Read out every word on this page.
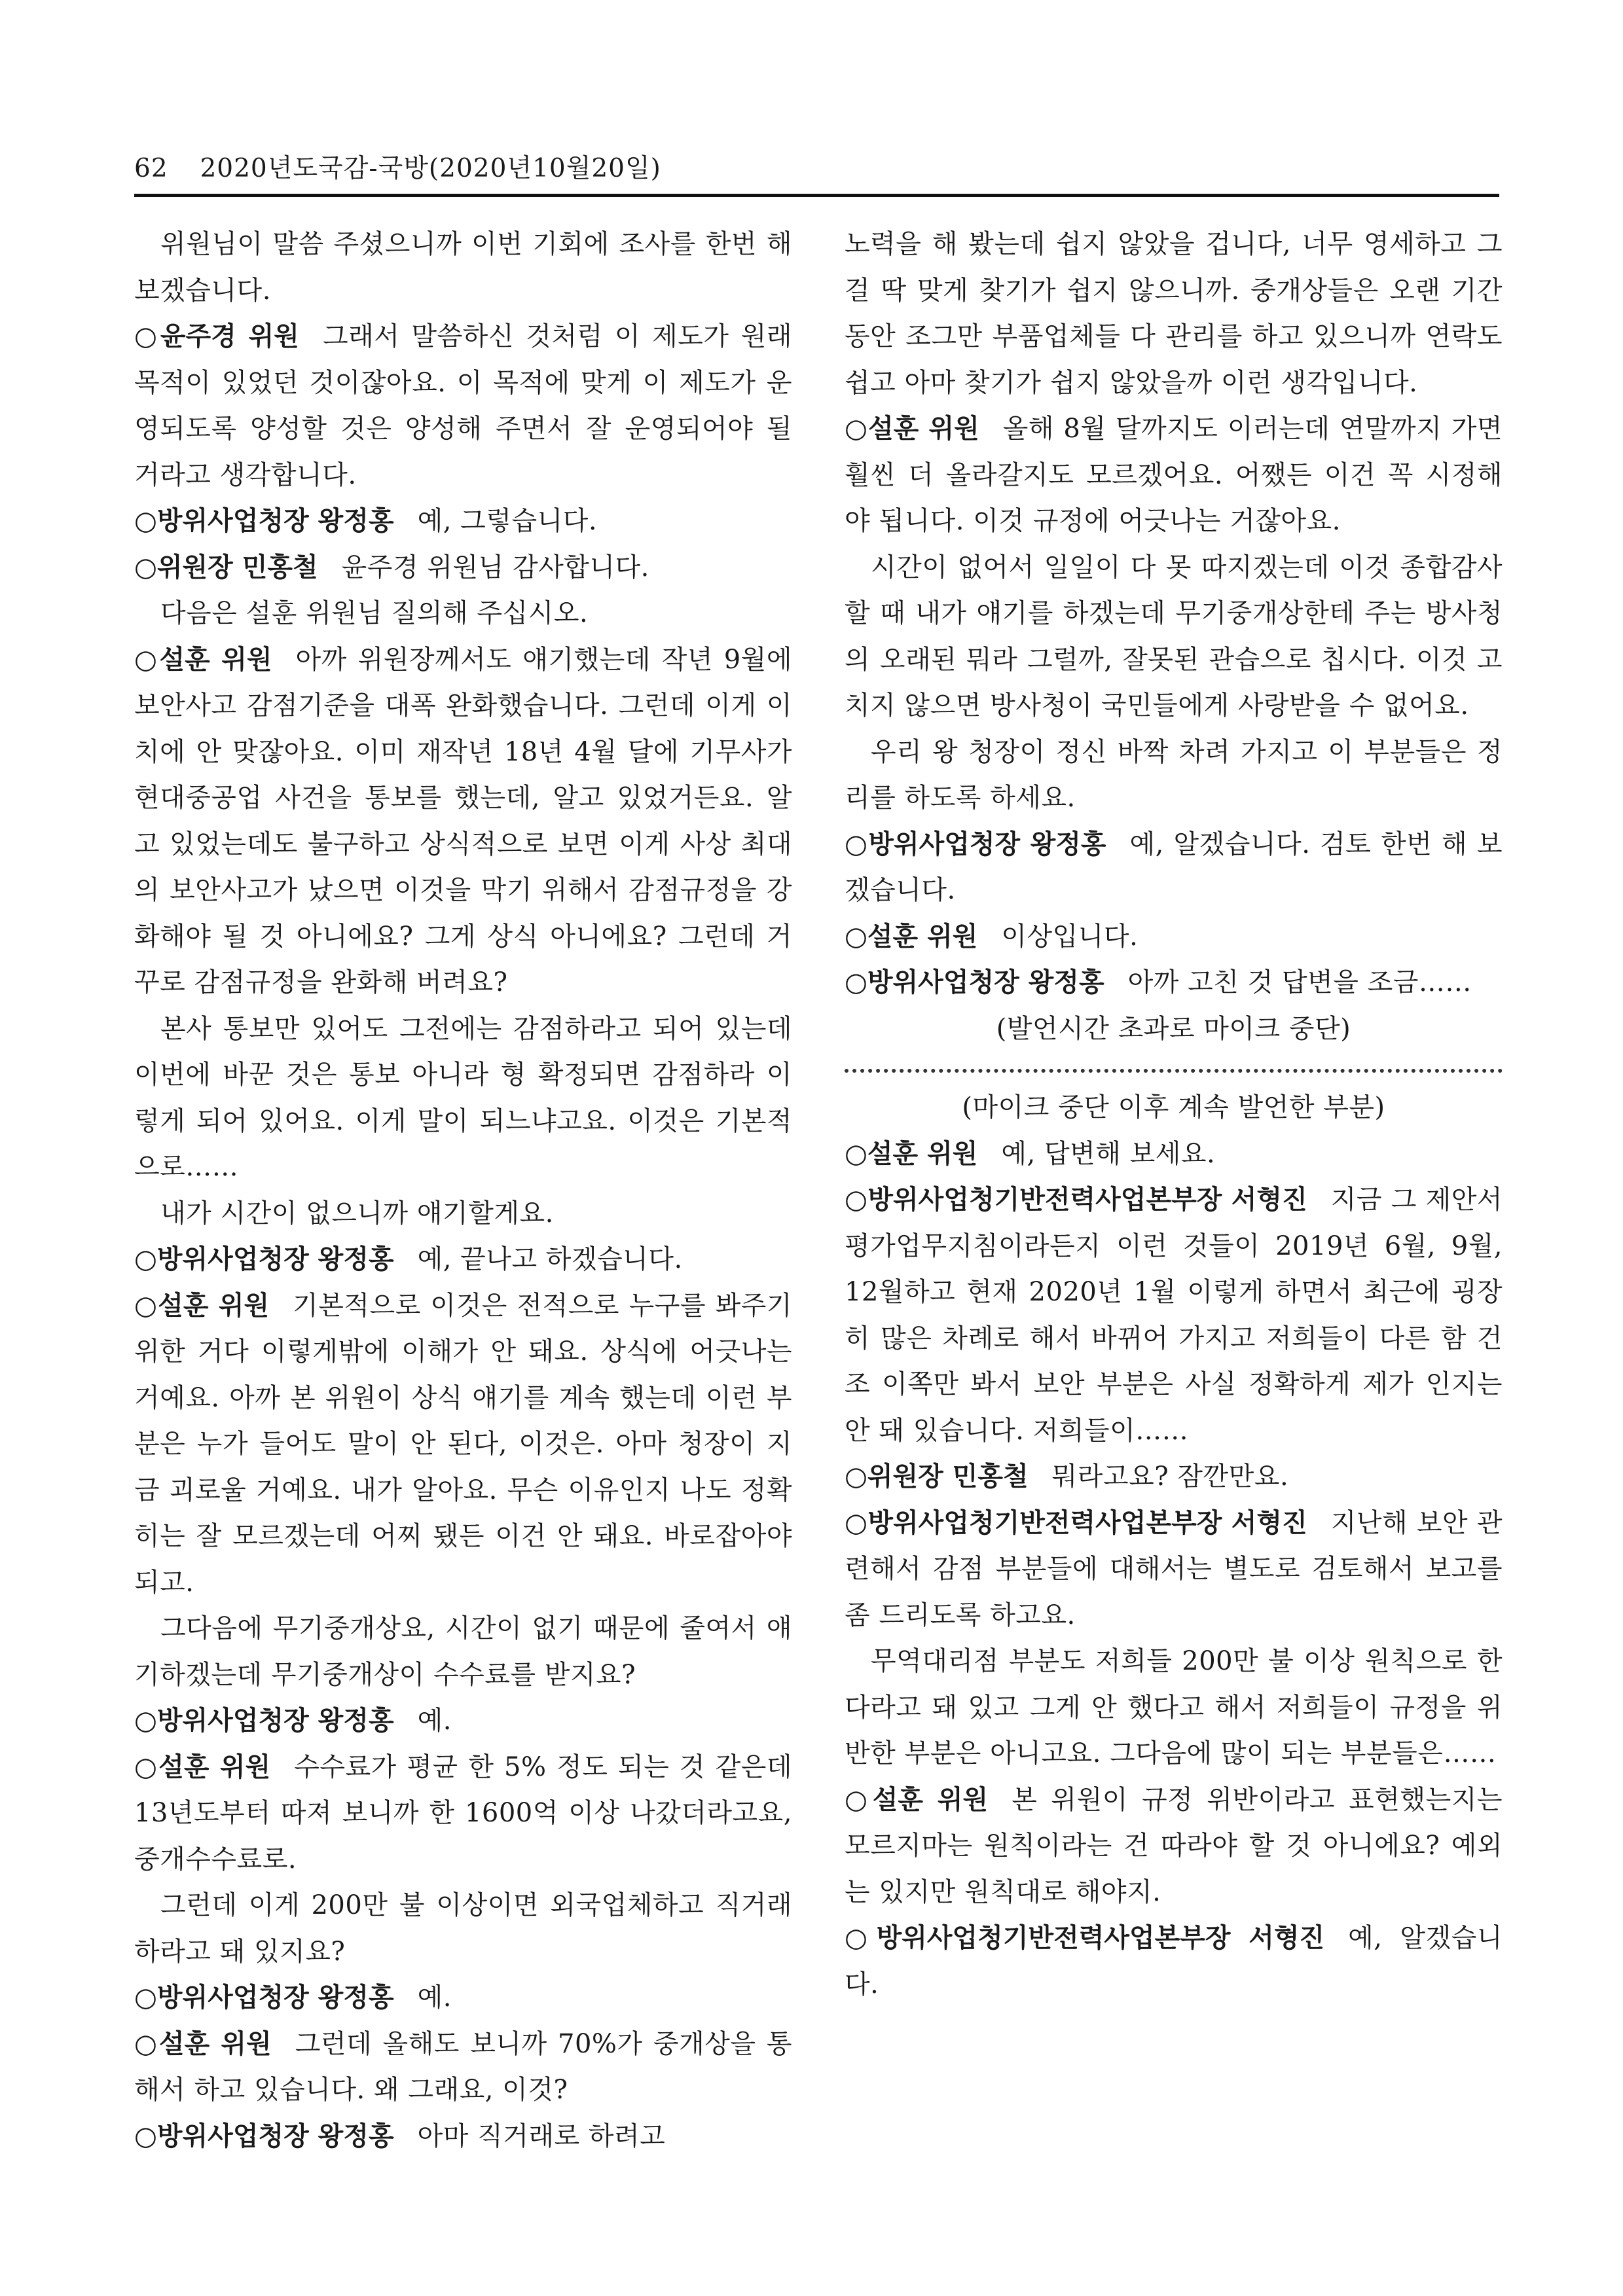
62 2020년도국감-국방(2020년10월20일)

위원님이 말씀 주셨으니까 이번 기회에 조사를 한번 해 보겠습니다.

○윤주경 위원 그래서 말씀하신 것처럼 이 제도가 원래 목적이 있었던 것이잖아요. 이 목적에 맞게 이 제도가 운영되도록 양성할 것은 양성해 주면서 잘 운영되어야 될 거라고 생각합니다.

○방위사업청장 왕정홍 예, 그렇습니다.

○위원장 민홍철 윤주경 위원님 감사합니다.

다음은 설훈 위원님 질의해 주십시오.

○설훈 위원 아까 위원장께서도 얘기했는데 작년 9월에 보안사고 감점기준을 대폭 완화했습니다. 그런데 이게 이치에 안 맞잖아요. 이미 재작년 18년 4월 달에 기무사가 현대중공업 사건을 통보를 했는데, 알고 있었거든요. 알고 있었는데도 불구하고 상식적으로 보면 이게 사상 최대의 보안사고가 났으면 이것을 막기 위해서 감점규정을 강화해야 될 것 아니에요? 그게 상식 아니에요? 그런데 거꾸로 감점규정을 완화해 버려요?

본사 통보만 있어도 그전에는 감점하라고 되어 있는데 이번에 바꾼 것은 통보 아니라 형 확정되면 감점하라 이렇게 되어 있어요. 이게 말이 되느냐고요. 이것은 기본적으로……

내가 시간이 없으니까 얘기할게요.

○방위사업청장 왕정홍 예, 끝나고 하겠습니다.

○설훈 위원 기본적으로 이것은 전적으로 누구를 봐주기 위한 거다 이렇게밖에 이해가 안 돼요. 상식에 어긋나는 거예요. 아까 본 위원이 상식 얘기를 계속 했는데 이런 부분은 누가 들어도 말이 안 된다, 이것은. 아마 청장이 지금 괴로울 거예요. 내가 알아요. 무슨 이유인지 나도 정확히는 잘 모르겠는데 어찌 됐든 이건 안 돼요. 바로잡아야 되고.

그다음에 무기중개상요, 시간이 없기 때문에 줄여서 얘기하겠는데 무기중개상이 수수료를 받지요?

○방위사업청장 왕정홍 예.

○설훈 위원 수수료가 평균 한 5% 정도 되는 것 같은데 13년도부터 따져 보니까 한 1600억 이상 나갔더라고요, 중개수수료로.

그런데 이게 200만 불 이상이면 외국업체하고 직거래하라고 돼 있지요?

○방위사업청장 왕정홍 예.

○설훈 위원 그런데 올해도 보니까 70%가 중개상을 통해서 하고 있습니다. 왜 그래요, 이것?

○방위사업청장 왕정홍 아마 직거래로 하려고

노력을 해 봤는데 쉽지 않았을 겁니다, 너무 영세하고 그걸 딱 맞게 찾기가 쉽지 않으니까. 중개상들은 오랜 기간 동안 조그만 부품업체들 다 관리를 하고 있으니까 연락도 쉽고 아마 찾기가 쉽지 않았을까 이런 생각입니다.

○설훈 위원 올해 8월 달까지도 이러는데 연말까지 가면 훨씬 더 올라갈지도 모르겠어요. 어쨌든 이건 꼭 시정해야 됩니다. 이것 규정에 어긋나는 거잖아요.

시간이 없어서 일일이 다 못 따지겠는데 이것 종합감사 할 때 내가 얘기를 하겠는데 무기중개상한테 주는 방사청의 오래된 뭐라 그럴까, 잘못된 관습으로 칩시다. 이것 고치지 않으면 방사청이 국민들에게 사랑받을 수 없어요.

우리 왕 청장이 정신 바짝 차려 가지고 이 부분들은 정리를 하도록 하세요.

○방위사업청장 왕정홍 예, 알겠습니다. 검토 한번 해 보겠습니다.

○설훈 위원 이상입니다.

○방위사업청장 왕정홍 아까 고친 것 답변을 조금……

(발언시간 초과로 마이크 중단)

(마이크 중단 이후 계속 발언한 부분)

○설훈 위원 예, 답변해 보세요.

○방위사업청기반전력사업본부장 서형진 지금 그 제안서 평가업무지침이라든지 이런 것들이 2019년 6월, 9월, 12월하고 현재 2020년 1월 이렇게 하면서 최근에 굉장히 많은 차례로 해서 바뀌어 가지고 저희들이 다른 함 건조 이쪽만 봐서 보안 부분은 사실 정확하게 제가 인지는 안 돼 있습니다. 저희들이……

○위원장 민홍철 뭐라고요? 잠깐만요.

○방위사업청기반전력사업본부장 서형진 지난해 보안 관련해서 감점 부분들에 대해서는 별도로 검토해서 보고를 좀 드리도록 하고요.

무역대리점 부분도 저희들 200만 불 이상 원칙으로 한다라고 돼 있고 그게 안 했다고 해서 저희들이 규정을 위반한 부분은 아니고요. 그다음에 많이 되는 부분들은……

○설훈 위원 본 위원이 규정 위반이라고 표현했는지는 모르지마는 원칙이라는 건 따라야 할 것 아니에요? 예외는 있지만 원칙대로 해야지.

○방위사업청기반전력사업본부장 서형진 예, 알겠습니다.
